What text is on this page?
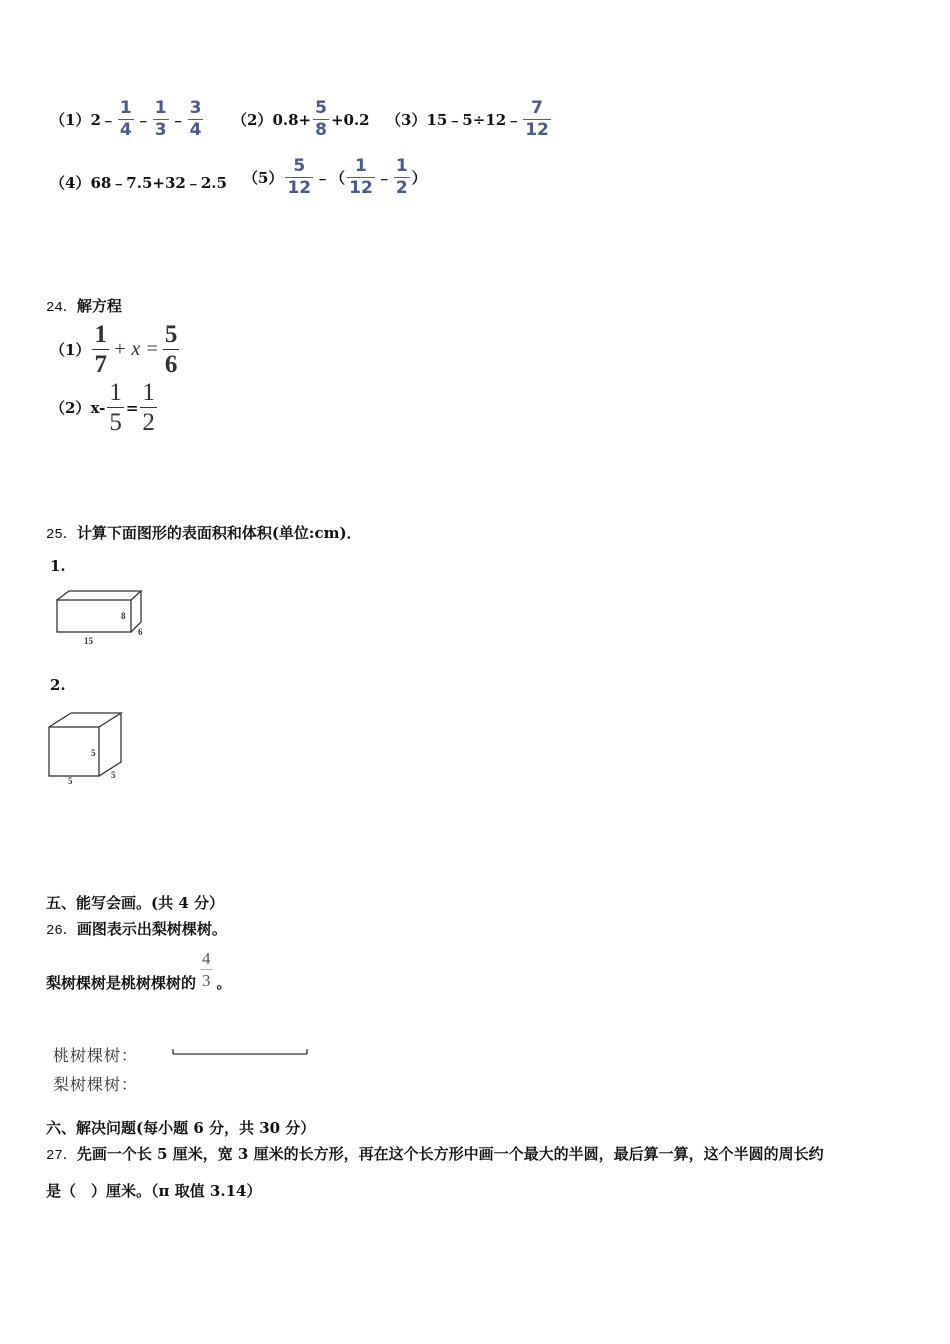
（1） 2﹣ $\frac{1}{4}$ ﹣ $\frac{1}{3}$ ﹣ $\frac{3}{4} (2)$ $0.8+ \frac{5}{8} +0.2$ （3） 15﹣5÷12﹣ $\frac{7}{12}$
（4） 68﹣7.5+32﹣2.5 $(5) \frac{5}{12}$ ﹣（ $\frac{1}{12}$ ﹣ $\frac{1}{2}$ ）
24．解方程
$(1) \frac{1}{7} + x = \frac{5}{6}$
（2） $x- \frac{1}{5} = \frac{1}{2}$
25．计算下面图形的表面积和体积(单位:cm)．
1.
15
8
6
2.
5
5
5
五、能写会画。(共 4 分）
26．画图表示出梨树棵树。
梨树棵树是桃树棵树的 $\frac{4}{3}$ 。
桃树棵树：
梨树棵树：
六、解决问题(每小题 6 分，共 30 分）
27．先画一个长 5 厘米，宽 3 厘米的长方形，再在这个长方形中画一个最大的半圆，最后算一算，这个半圆的周长约
是（　）厘米。（π 取值 3.14）
